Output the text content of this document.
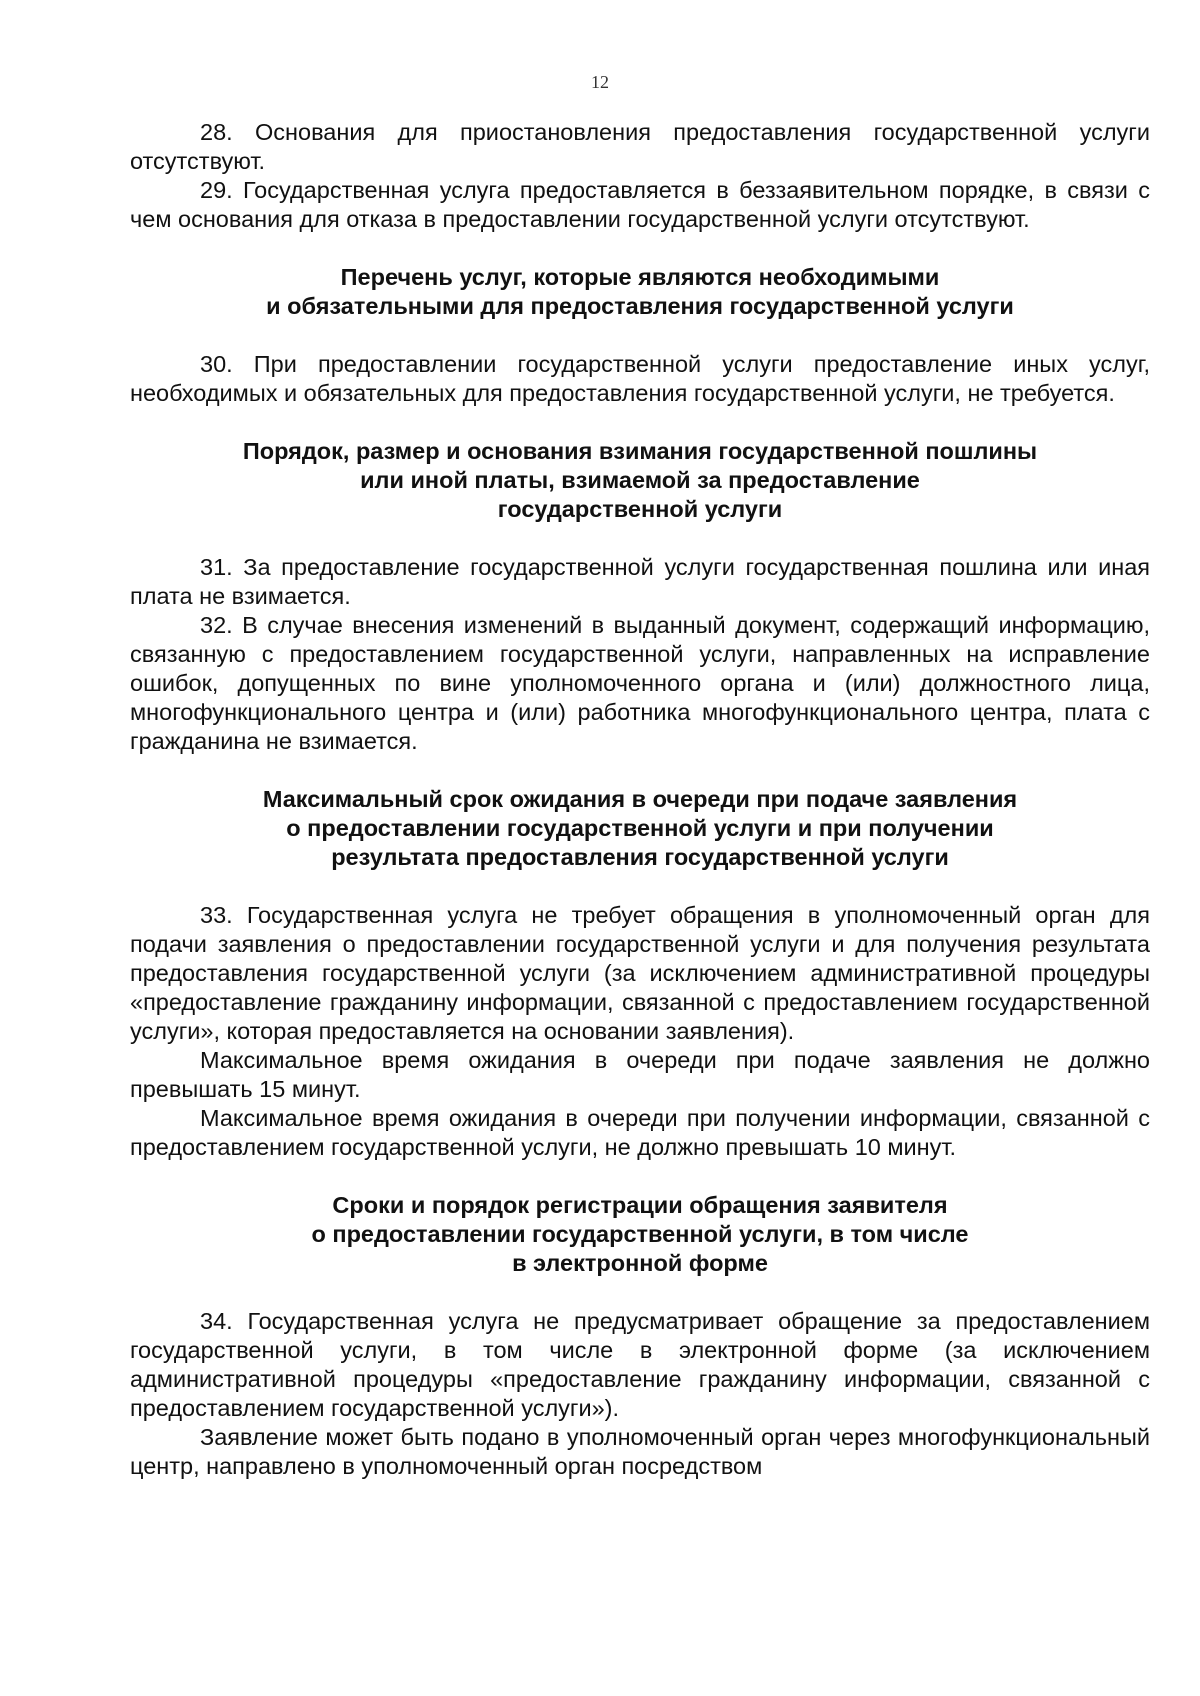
12

28. Основания для приостановления предоставления государственной услуги отсутствуют.

29. Государственная услуга предоставляется в беззаявительном порядке, в связи с чем основания для отказа в предоставлении государственной услуги отсутствуют.

Перечень услуг, которые являются необходимыми
и обязательными для предоставления государственной услуги

30. При предоставлении государственной услуги предоставление иных услуг, необходимых и обязательных для предоставления государственной услуги, не требуется.

Порядок, размер и основания взимания государственной пошлины
или иной платы, взимаемой за предоставление
государственной услуги

31. За предоставление государственной услуги государственная пошлина или иная плата не взимается.

32. В случае внесения изменений в выданный документ, содержащий информацию, связанную с предоставлением государственной услуги, направленных на исправление ошибок, допущенных по вине уполномоченного органа и (или) должностного лица, многофункционального центра и (или) работника многофункционального центра, плата с гражданина не взимается.

Максимальный срок ожидания в очереди при подаче заявления
о предоставлении государственной услуги и при получении
результата предоставления государственной услуги

33. Государственная услуга не требует обращения в уполномоченный орган для подачи заявления о предоставлении государственной услуги и для получения результата предоставления государственной услуги (за исключением административной процедуры «предоставление гражданину информации, связанной с предоставлением государственной услуги», которая предоставляется на основании заявления).

Максимальное время ожидания в очереди при подаче заявления не должно превышать 15 минут.

Максимальное время ожидания в очереди при получении информации, связанной с предоставлением государственной услуги, не должно превышать 10 минут.

Сроки и порядок регистрации обращения заявителя
о предоставлении государственной услуги, в том числе
в электронной форме

34. Государственная услуга не предусматривает обращение за предоставлением государственной услуги, в том числе в электронной форме (за исключением административной процедуры «предоставление гражданину информации, связанной с предоставлением государственной услуги»).

Заявление может быть подано в уполномоченный орган через многофункциональный центр, направлено в уполномоченный орган посредством
